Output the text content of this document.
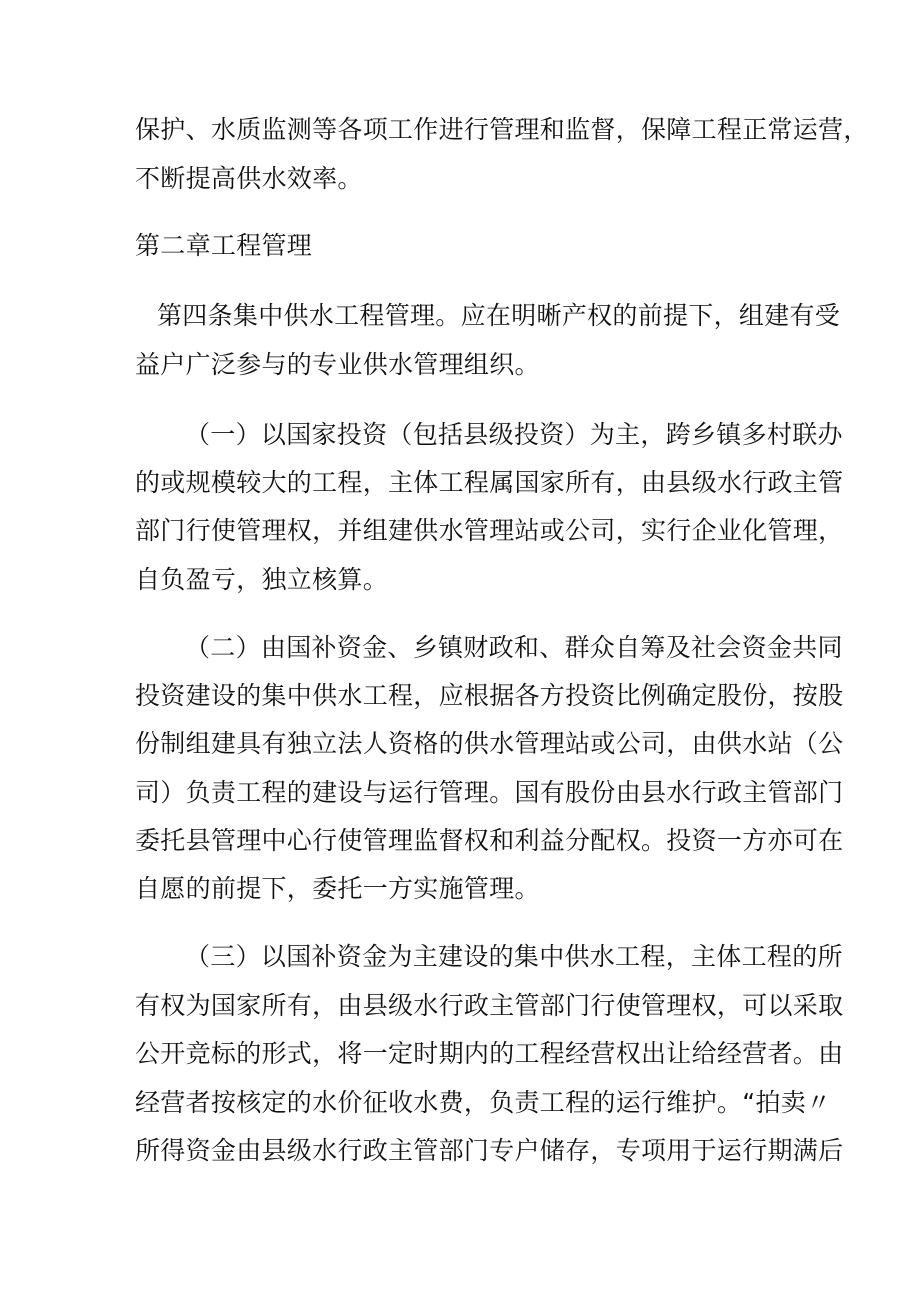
保护、水质监测等各项工作进行管理和监督，保障工程正常运营，
不断提高供水效率。
第二章工程管理
第四条集中供水工程管理。应在明晰产权的前提下，组建有受
益户广泛参与的专业供水管理组织。
（一）以国家投资（包括县级投资）为主，跨乡镇多村联办
的或规模较大的工程，主体工程属国家所有，由县级水行政主管
部门行使管理权，并组建供水管理站或公司，实行企业化管理，
自负盈亏，独立核算。
（二）由国补资金、乡镇财政和、群众自筹及社会资金共同
投资建设的集中供水工程，应根据各方投资比例确定股份，按股
份制组建具有独立法人资格的供水管理站或公司，由供水站（公
司）负责工程的建设与运行管理。国有股份由县水行政主管部门
委托县管理中心行使管理监督权和利益分配权。投资一方亦可在
自愿的前提下，委托一方实施管理。
（三）以国补资金为主建设的集中供水工程，主体工程的所
有权为国家所有，由县级水行政主管部门行使管理权，可以采取
公开竞标的形式，将一定时期内的工程经营权出让给经营者。由
经营者按核定的水价征收水费，负责工程的运行维护。“拍卖〃
所得资金由县级水行政主管部门专户储存，专项用于运行期满后
